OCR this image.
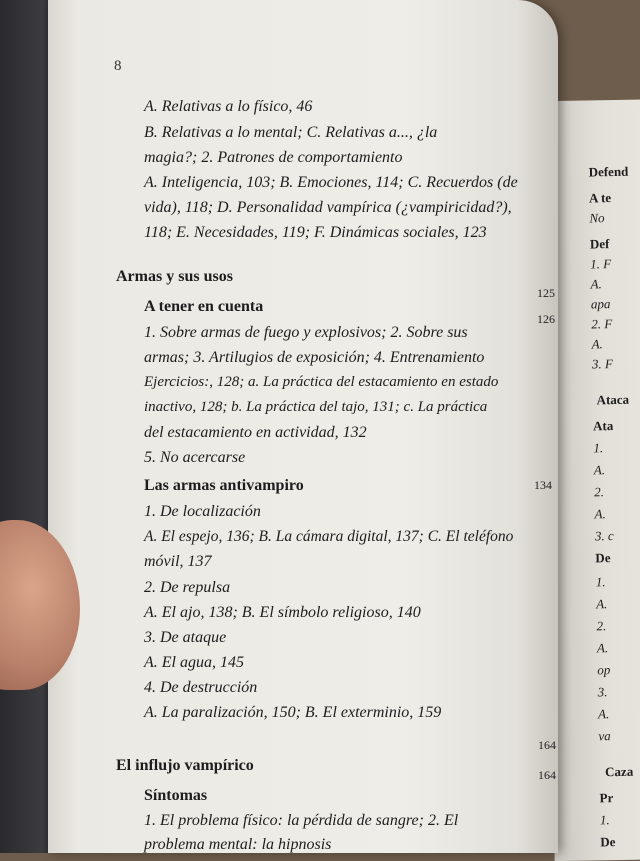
Defend
A te
No
Def
1. F
A.
apa
2. F
A.
3. F
Ataca
Ata
1.
A.
2.
A.
3. c
De
1.
A.
2.
A.
op
3.
A.
va
Caza
Pr
1.
De
8
A. Relativas a lo físico, 46
B. Relativas a lo mental; C. Relativas a..., ¿la
magia?; 2. Patrones de comportamiento
A. Inteligencia, 103; B. Emociones, 114; C. Recuerdos (de
vida), 118; D. Personalidad vampírica (¿vampiricidad?),
118; E. Necesidades, 119; F. Dinámicas sociales, 123
Armas y sus usos
125
A tener en cuenta
126
1. Sobre armas de fuego y explosivos; 2. Sobre sus
armas; 3. Artilugios de exposición; 4. Entrenamiento
Ejercicios:, 128; a. La práctica del estacamiento en estado
inactivo, 128; b. La práctica del tajo, 131; c. La práctica
del estacamiento en actividad, 132
5. No acercarse
Las armas antivampiro	134
1. De localización
A. El espejo, 136; B. La cámara digital, 137; C. El teléfono
móvil, 137
2. De repulsa
A. El ajo, 138; B. El símbolo religioso, 140
3. De ataque
A. El agua, 145
4. De destrucción
A. La paralización, 150; B. El exterminio, 159
El influjo vampírico
164
Síntomas
164
1. El problema físico: la pérdida de sangre; 2. El
problema mental: la hipnosis
